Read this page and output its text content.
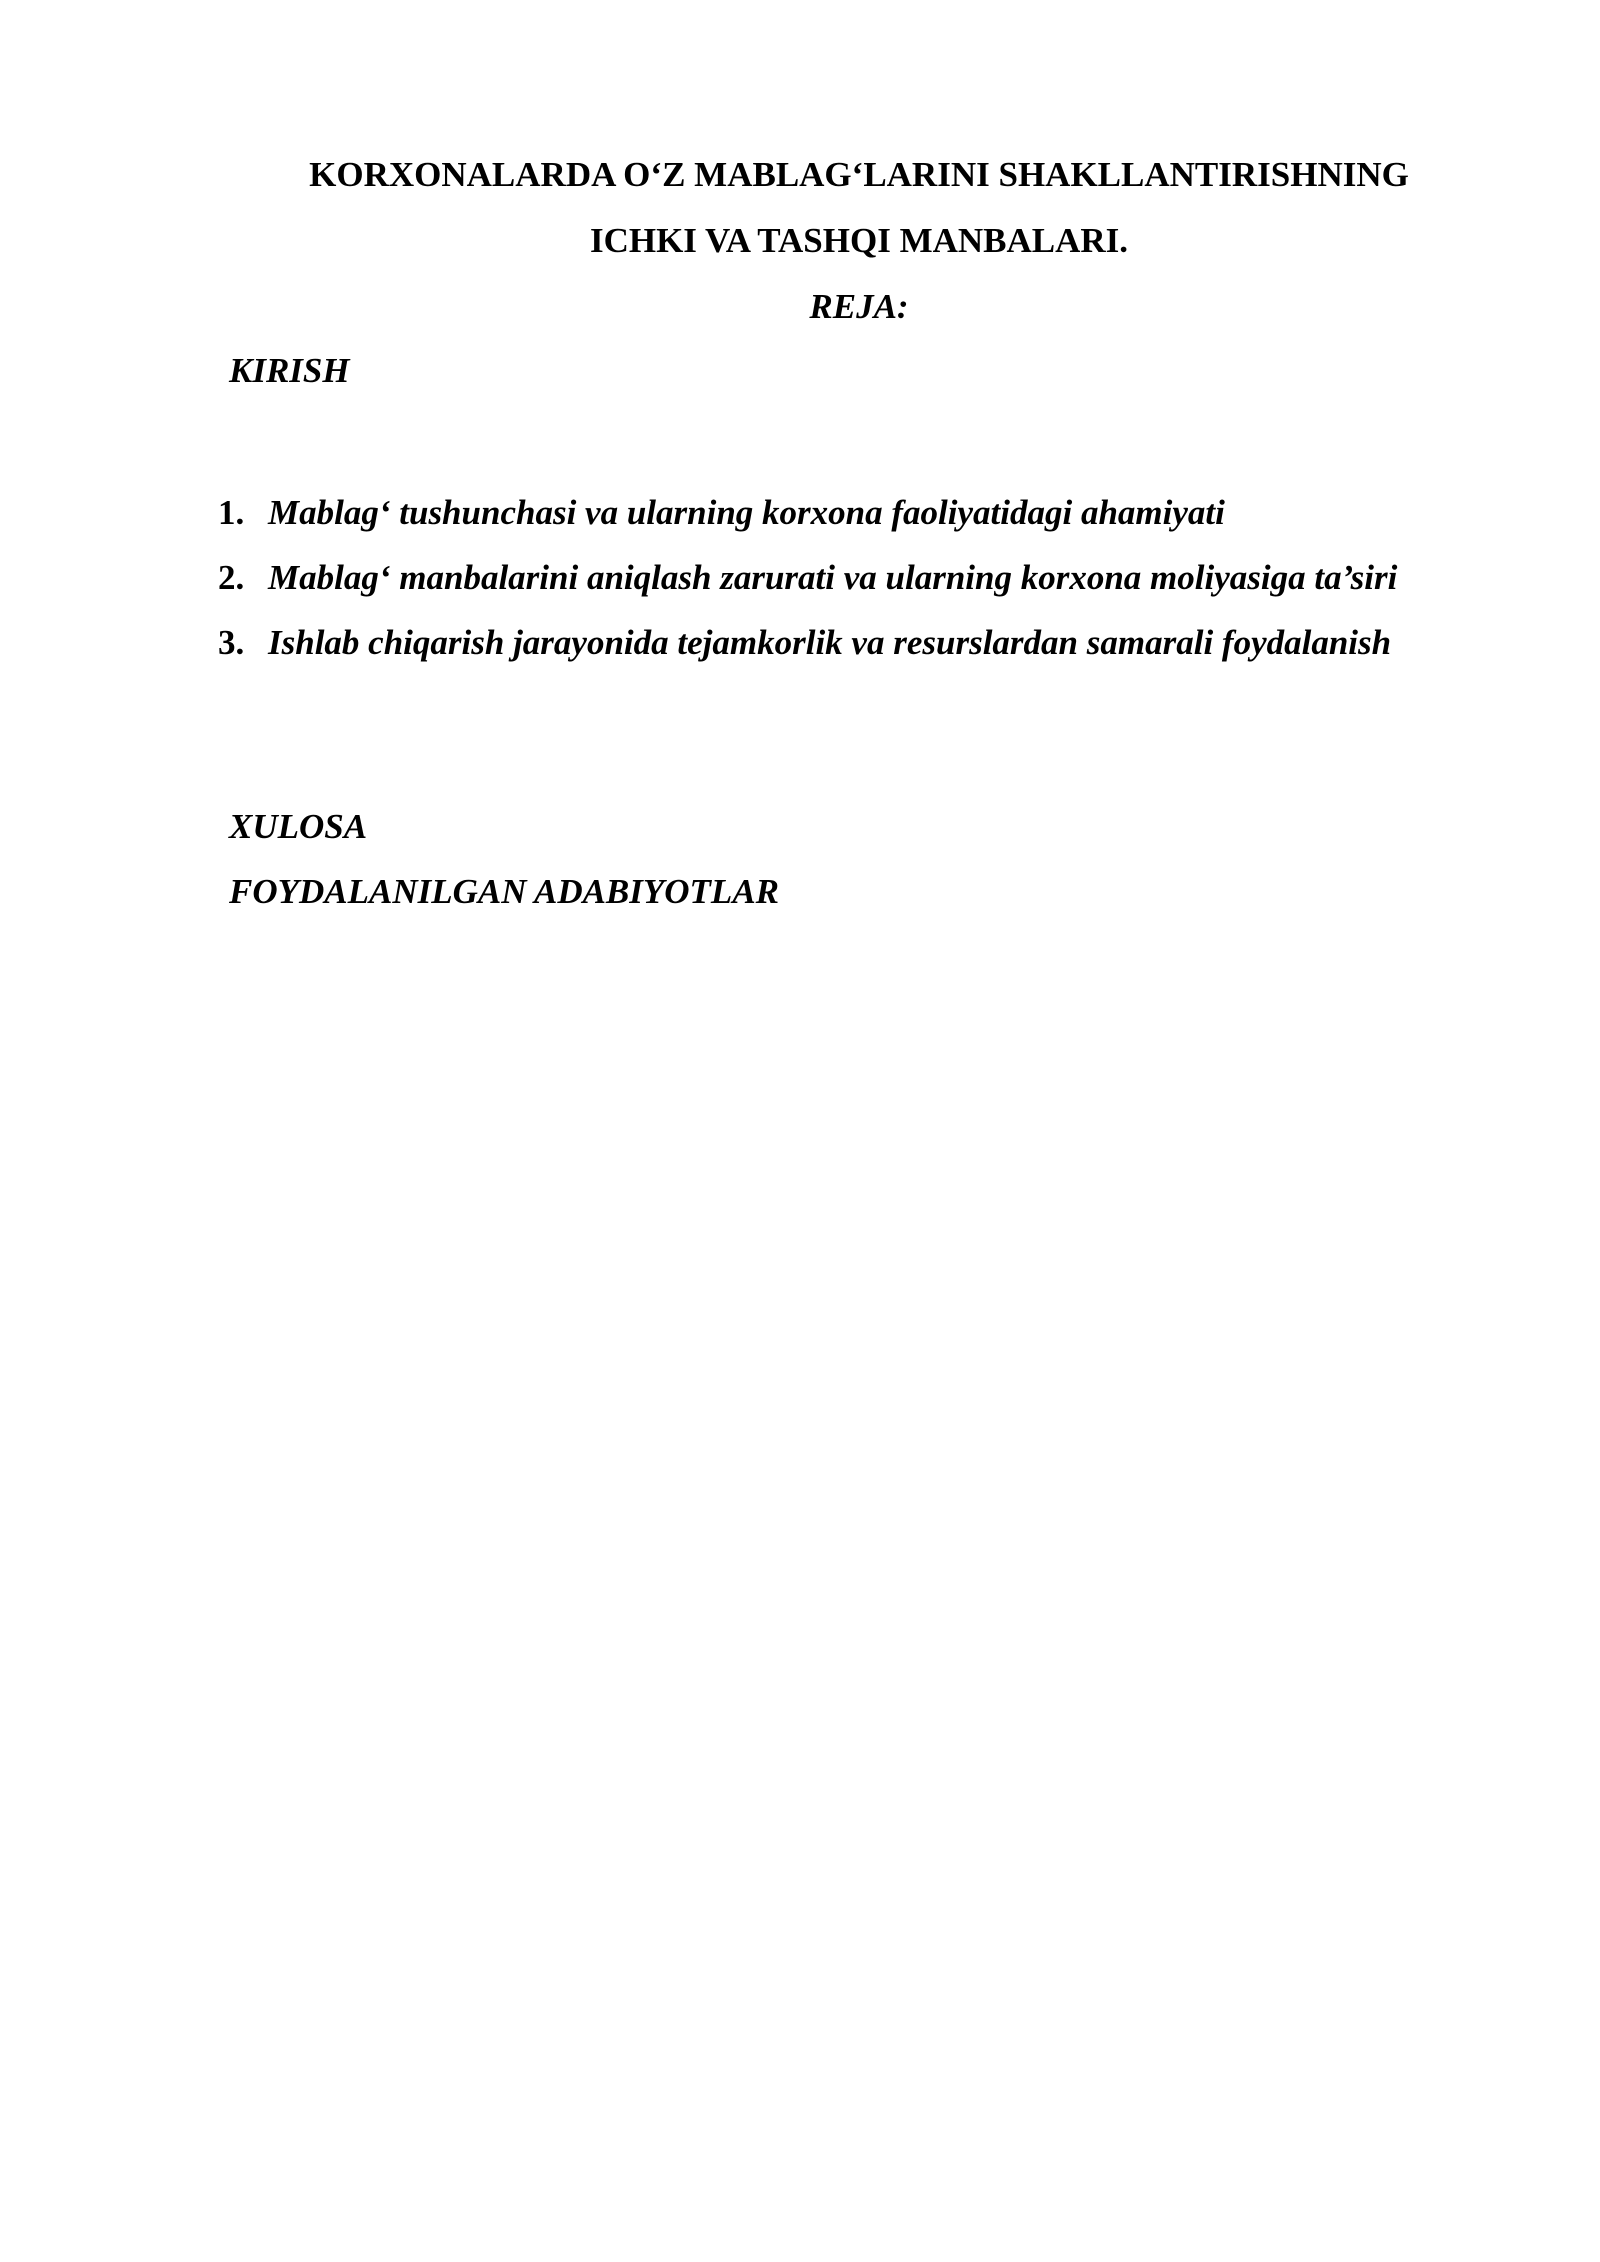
KORXONALARDA O‘Z MABLAG‘LARINI SHAKLLANTIRISHNING
ICHKI VA TASHQI MANBALARI.
REJA:
KIRISH
1. Mablag‘ tushunchasi va ularning korxona faoliyatidagi ahamiyati
2. Mablag‘ manbalarini aniqlash zarurati va ularning korxona moliyasiga ta’siri
3. Ishlab chiqarish jarayonida tejamkorlik va resurslardan samarali foydalanish
XULOSA
FOYDALANILGAN ADABIYOTLAR
